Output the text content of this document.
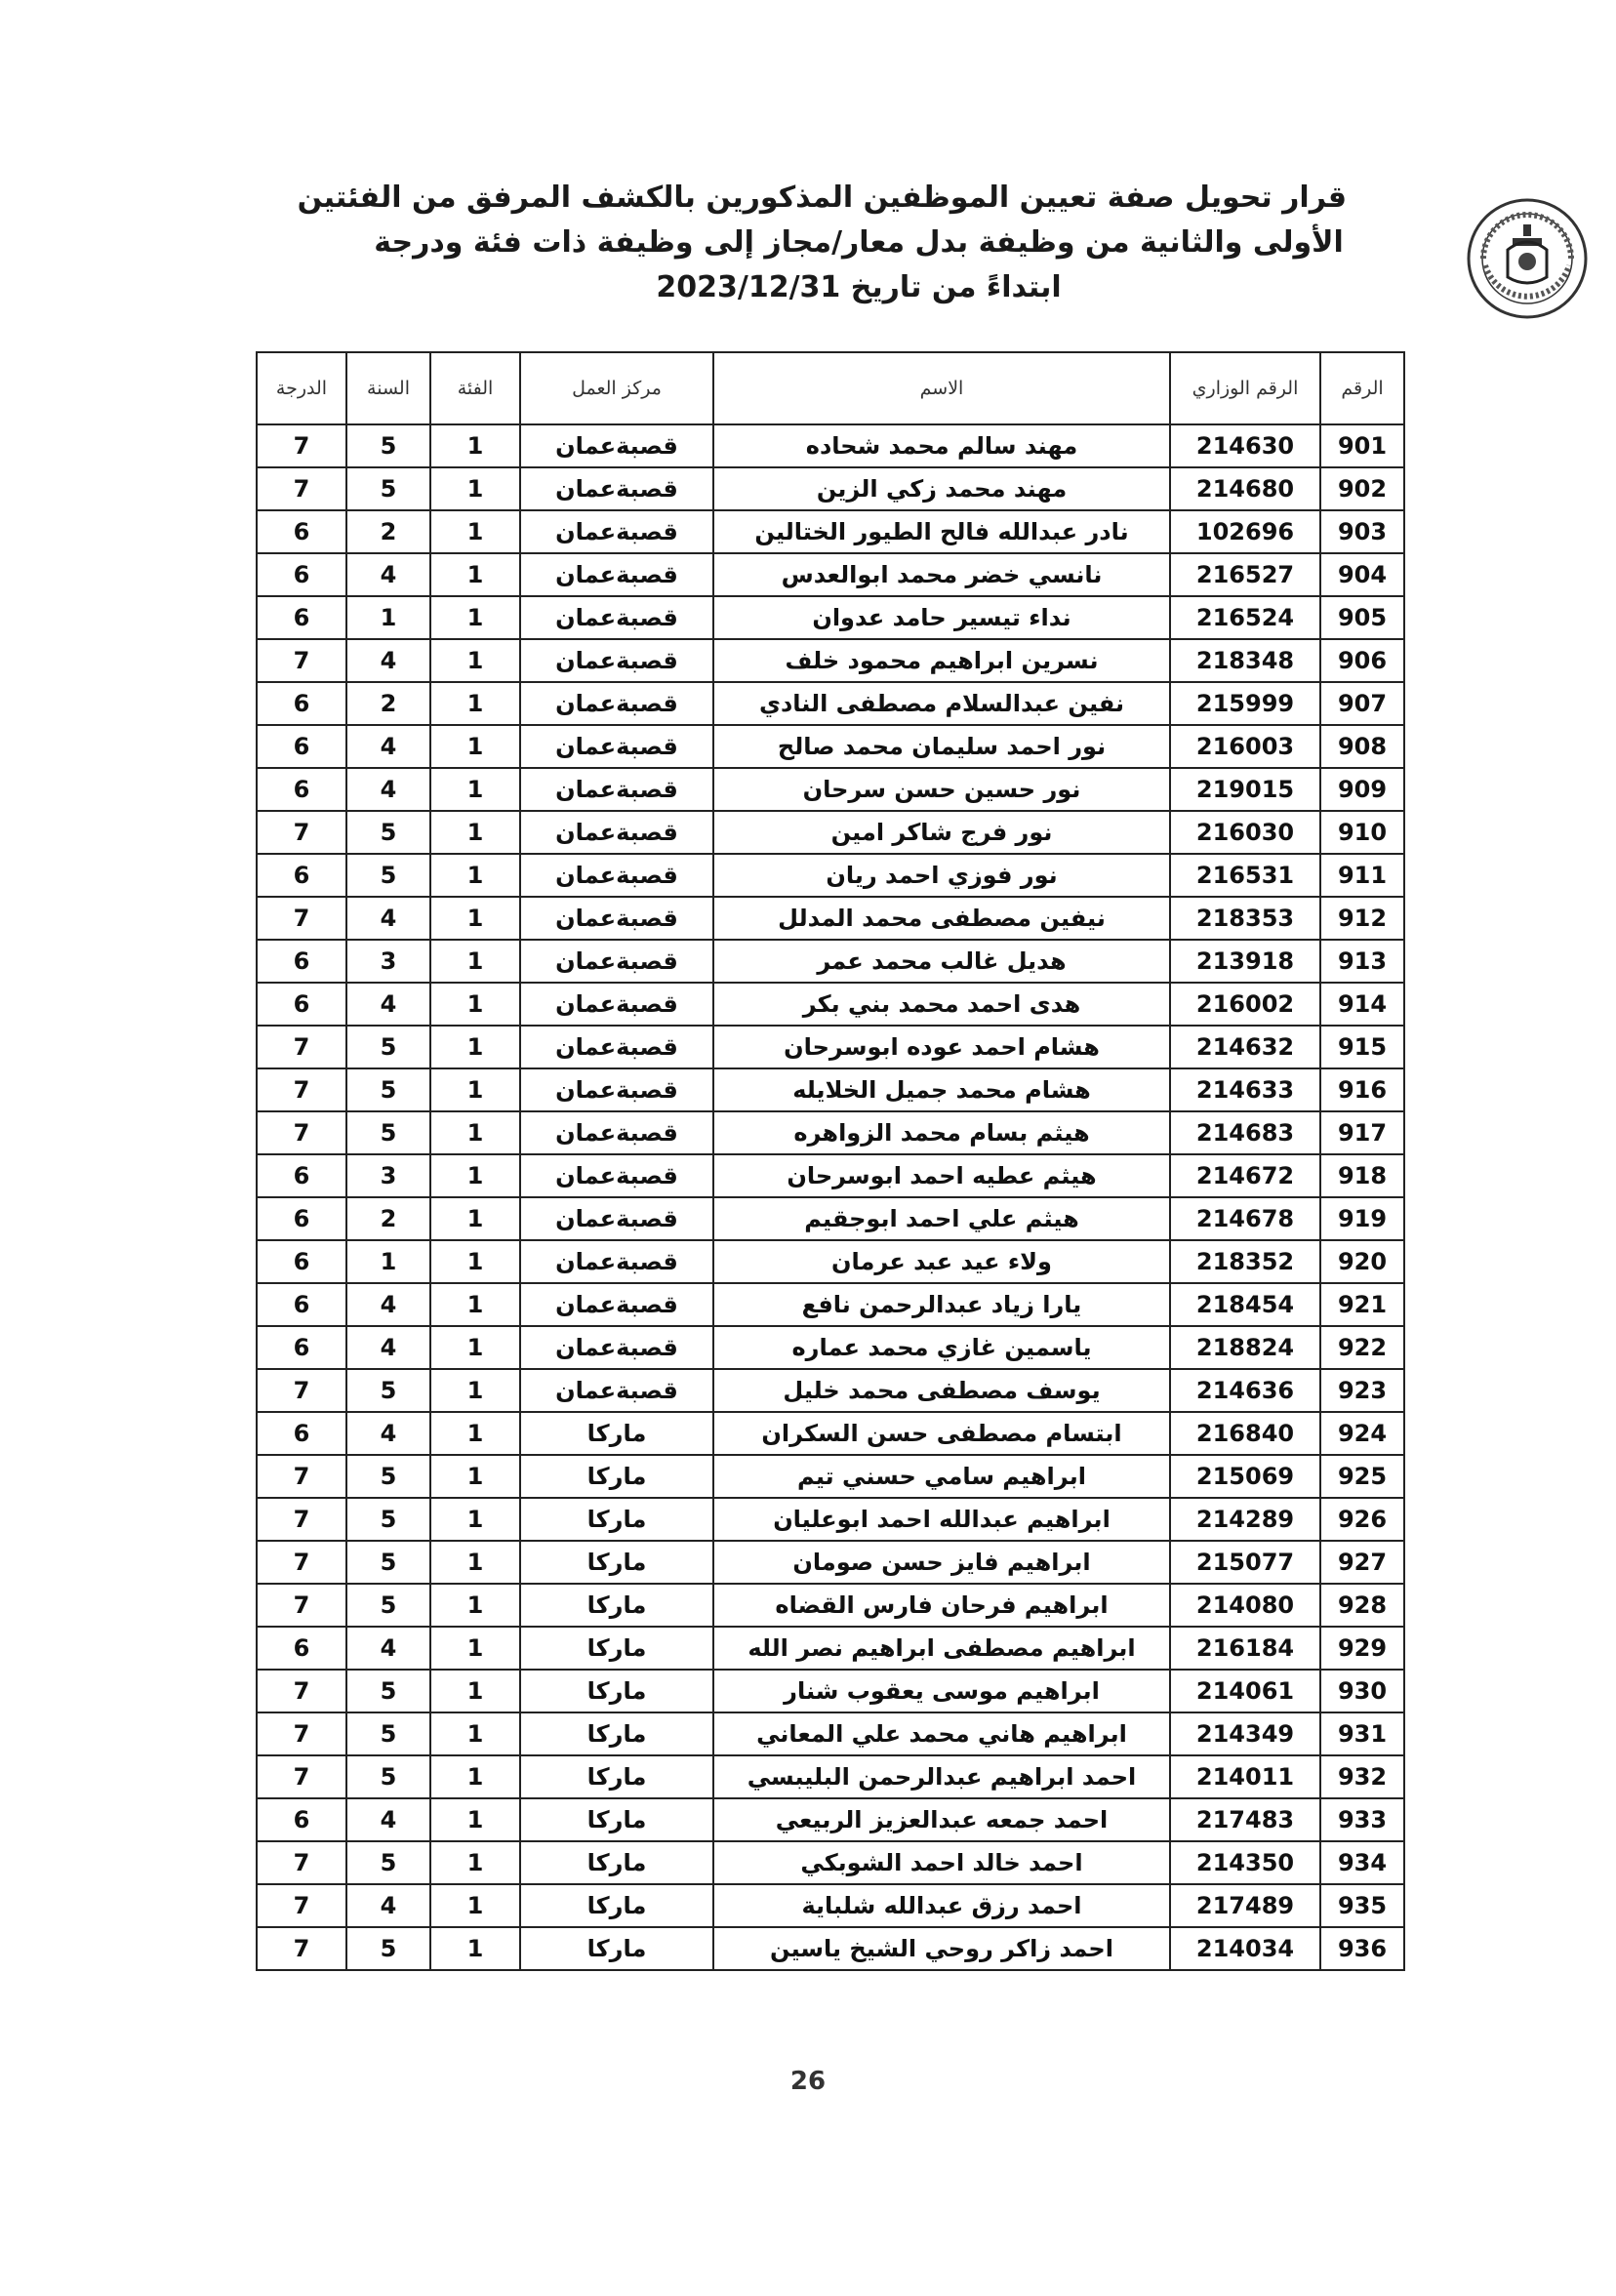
قرار تحويل صفة تعيين الموظفين المذكورين بالكشف المرفق من الفئتين
الأولى والثانية من وظيفة بدل معار/مجاز إلى وظيفة ذات فئة ودرجة
ابتداءً من تاريخ 2023/12/31
الرقم	الرقم الوزاري	الاسم	مركز العمل	الفئة	السنة	الدرجة
901	214630	مهند سالم محمد شحاده	قصبةعمان	1	5	7
902	214680	مهند محمد زكي الزين	قصبةعمان	1	5	7
903	102696	نادر عبدالله فالح الطيور الختالين	قصبةعمان	1	2	6
904	216527	نانسي خضر محمد ابوالعدس	قصبةعمان	1	4	6
905	216524	نداء تيسير حامد عدوان	قصبةعمان	1	1	6
906	218348	نسرين ابراهيم محمود خلف	قصبةعمان	1	4	7
907	215999	نفين عبدالسلام مصطفى النادي	قصبةعمان	1	2	6
908	216003	نور احمد سليمان محمد صالح	قصبةعمان	1	4	6
909	219015	نور حسين حسن سرحان	قصبةعمان	1	4	6
910	216030	نور فرج شاكر امين	قصبةعمان	1	5	7
911	216531	نور فوزي احمد ريان	قصبةعمان	1	5	6
912	218353	نيفين مصطفى محمد المدلل	قصبةعمان	1	4	7
913	213918	هديل غالب محمد عمر	قصبةعمان	1	3	6
914	216002	هدى احمد محمد بني بكر	قصبةعمان	1	4	6
915	214632	هشام احمد عوده ابوسرحان	قصبةعمان	1	5	7
916	214633	هشام محمد جميل الخلايله	قصبةعمان	1	5	7
917	214683	هيثم بسام محمد الزواهره	قصبةعمان	1	5	7
918	214672	هيثم عطيه احمد ابوسرحان	قصبةعمان	1	3	6
919	214678	هيثم علي احمد ابوجقيم	قصبةعمان	1	2	6
920	218352	ولاء عيد عبد عرمان	قصبةعمان	1	1	6
921	218454	يارا زياد عبدالرحمن نافع	قصبةعمان	1	4	6
922	218824	ياسمين غازي محمد عماره	قصبةعمان	1	4	6
923	214636	يوسف مصطفى محمد خليل	قصبةعمان	1	5	7
924	216840	ابتسام مصطفى حسن السكران	ماركا	1	4	6
925	215069	ابراهيم سامي حسني تيم	ماركا	1	5	7
926	214289	ابراهيم عبدالله احمد ابوعليان	ماركا	1	5	7
927	215077	ابراهيم فايز حسن صومان	ماركا	1	5	7
928	214080	ابراهيم فرحان فارس القضاه	ماركا	1	5	7
929	216184	ابراهيم مصطفى ابراهيم نصر الله	ماركا	1	4	6
930	214061	ابراهيم موسى يعقوب شنار	ماركا	1	5	7
931	214349	ابراهيم هاني محمد علي المعاني	ماركا	1	5	7
932	214011	احمد ابراهيم عبدالرحمن البليبسي	ماركا	1	5	7
933	217483	احمد جمعه عبدالعزيز الربيعي	ماركا	1	4	6
934	214350	احمد خالد احمد الشوبكي	ماركا	1	5	7
935	217489	احمد رزق عبدالله شلباية	ماركا	1	4	7
936	214034	احمد زاكر روحي الشيخ ياسين	ماركا	1	5	7
26
